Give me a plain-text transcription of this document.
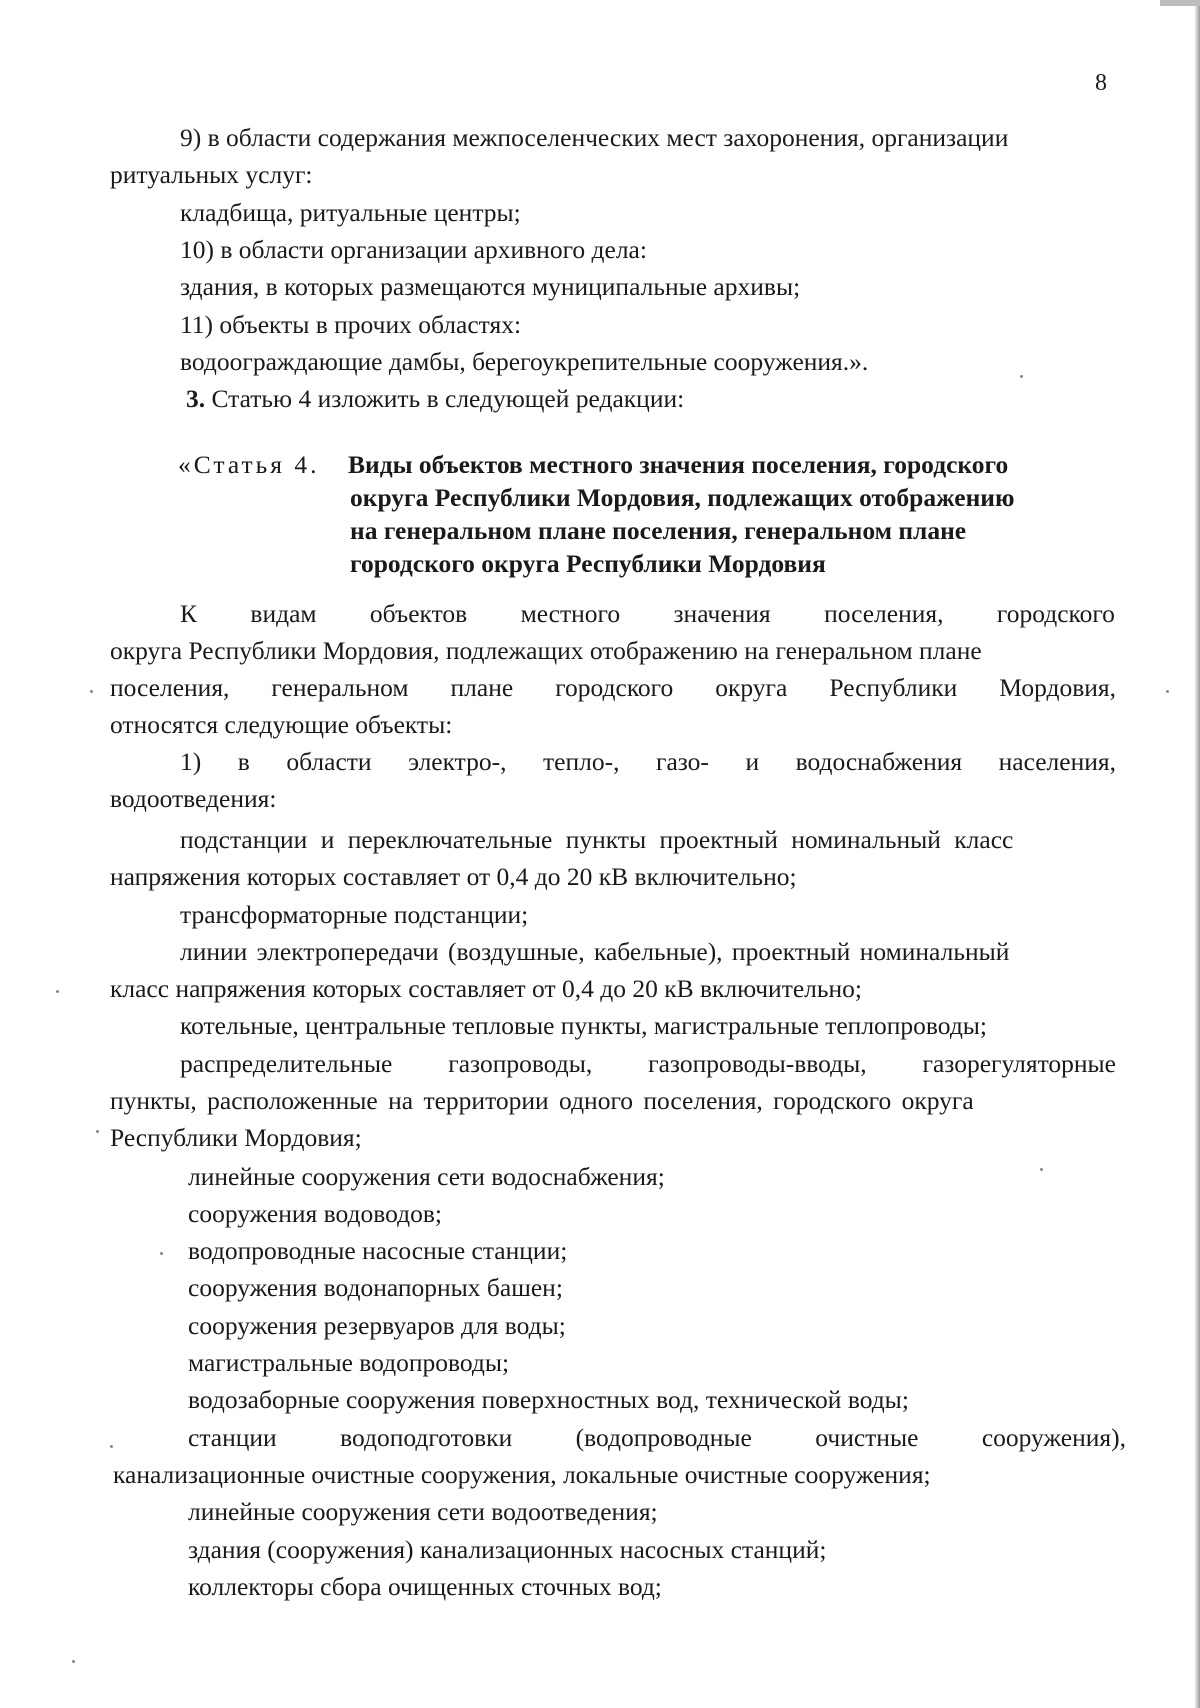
8
9) в области содержания межпоселенческих мест захоронения, организации
ритуальных услуг:
кладбища, ритуальные центры;
10) в области организации архивного дела:
здания, в которых размещаются муниципальные архивы;
11) объекты в прочих областях:
водоограждающие дамбы, берегоукрепительные сооружения.».
3. Статью 4 изложить в следующей редакции:
«Статья 4. Виды объектов местного значения поселения, городского
округа Республики Мордовия, подлежащих отображению
на генеральном плане поселения, генеральном плане
городского округа Республики Мордовия
К видам объектов местного значения поселения, городского
округа Республики Мордовия, подлежащих отображению на генеральном плане
поселения, генеральном плане городского округа Республики Мордовия,
относятся следующие объекты:
1) в области электро-, тепло-, газо- и водоснабжения населения,
водоотведения:
подстанции и переключательные пункты проектный номинальный класс
напряжения которых составляет от 0,4 до 20 кВ включительно;
трансформаторные подстанции;
линии электропередачи (воздушные, кабельные), проектный номинальный
класс напряжения которых составляет от 0,4 до 20 кВ включительно;
котельные, центральные тепловые пункты, магистральные теплопроводы;
распределительные газопроводы, газопроводы-вводы, газорегуляторные
пункты, расположенные на территории одного поселения, городского округа
Республики Мордовия;
линейные сооружения сети водоснабжения;
сооружения водоводов;
водопроводные насосные станции;
сооружения водонапорных башен;
сооружения резервуаров для воды;
магистральные водопроводы;
водозаборные сооружения поверхностных вод, технической воды;
станции водоподготовки (водопроводные очистные сооружения),
канализационные очистные сооружения, локальные очистные сооружения;
линейные сооружения сети водоотведения;
здания (сооружения) канализационных насосных станций;
коллекторы сбора очищенных сточных вод;
